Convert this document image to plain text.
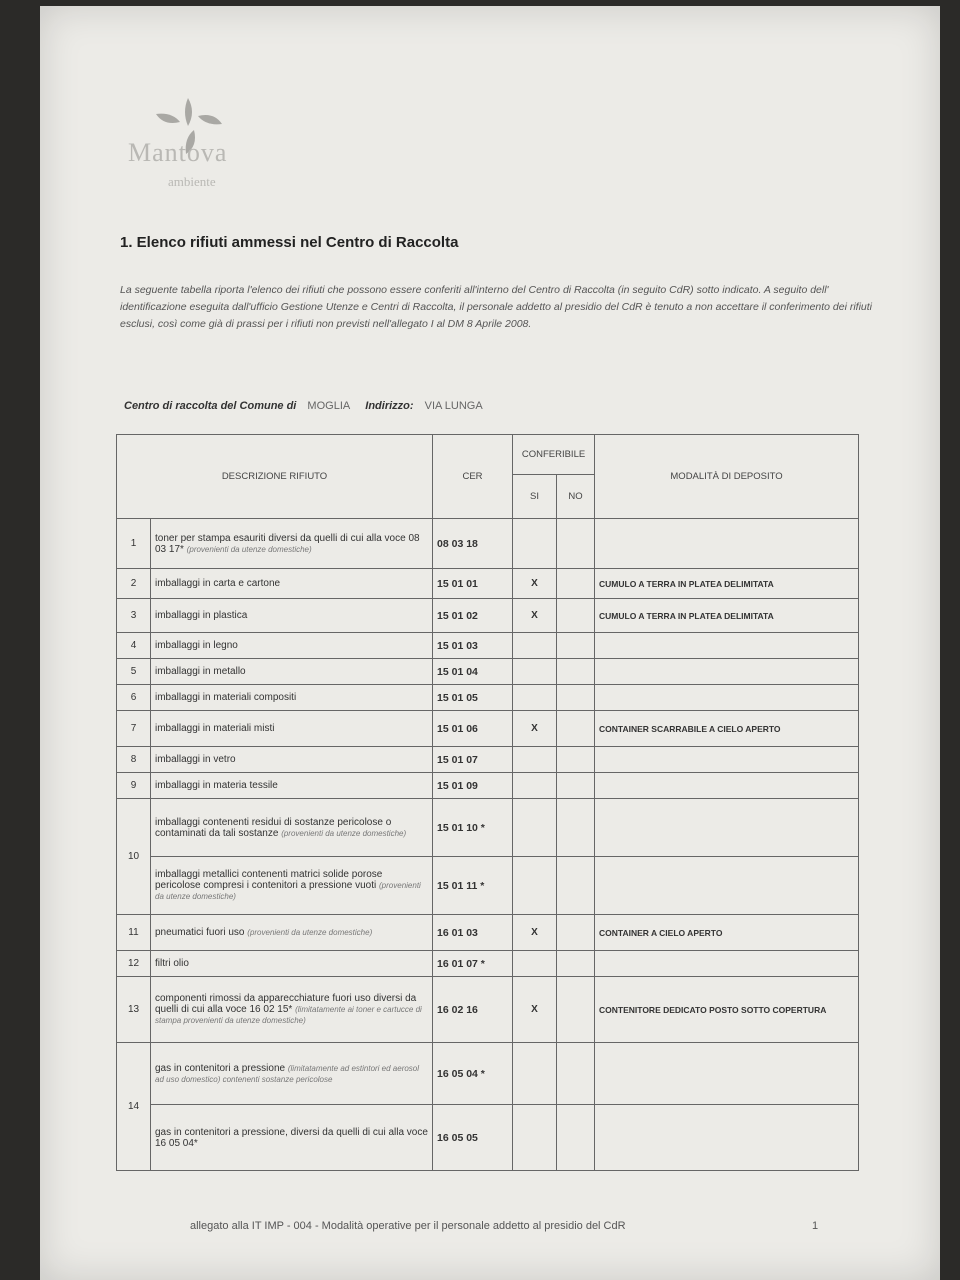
Mantova
ambiente
1. Elenco rifiuti ammessi nel Centro di Raccolta
La seguente tabella riporta l'elenco dei rifiuti che possono essere conferiti all'interno del Centro di Raccolta (in seguito CdR) sotto indicato. A seguito dell' identificazione eseguita dall'ufficio Gestione Utenze e Centri di Raccolta, il personale addetto al presidio del CdR è tenuto a non accettare il conferimento dei rifiuti esclusi, così come già di prassi per i rifiuti non previsti nell'allegato I al DM 8 Aprile 2008.
Centro di raccolta del Comune di MOGLIA Indirizzo: VIA LUNGA
DESCRIZIONE RIFIUTO		CER	CONFERIBILE		MODALITÀ DI DEPOSITO
			SI	NO	
1	toner per stampa esauriti diversi da quelli di cui alla voce 08 03 17* (provenienti da utenze domestiche)	08 03 18			
2	imballaggi in carta e cartone	15 01 01	X		CUMULO A TERRA IN PLATEA DELIMITATA
3	imballaggi in plastica	15 01 02	X		CUMULO A TERRA IN PLATEA DELIMITATA
4	imballaggi in legno	15 01 03			
5	imballaggi in metallo	15 01 04			
6	imballaggi in materiali compositi	15 01 05			
7	imballaggi in materiali misti	15 01 06	X		CONTAINER SCARRABILE A CIELO APERTO
8	imballaggi in vetro	15 01 07			
9	imballaggi in materia tessile	15 01 09			
10	imballaggi contenenti residui di sostanze pericolose o contaminati da tali sostanze (provenienti da utenze domestiche)	15 01 10 *			
	imballaggi metallici contenenti matrici solide porose pericolose compresi i contenitori a pressione vuoti (provenienti da utenze domestiche)	15 01 11 *			
11	pneumatici fuori uso (provenienti da utenze domestiche)	16 01 03	X		CONTAINER A CIELO APERTO
12	filtri olio	16 01 07 *			
13	componenti rimossi da apparecchiature fuori uso diversi da quelli di cui alla voce 16 02 15* (limitatamente ai toner e cartucce di stampa provenienti da utenze domestiche)	16 02 16	X		CONTENITORE DEDICATO POSTO SOTTO COPERTURA
14	gas in contenitori a pressione (limitatamente ad estintori ed aerosol ad uso domestico) contenenti sostanze pericolose	16 05 04 *			
	gas in contenitori a pressione, diversi da quelli di cui alla voce 16 05 04*	16 05 05			
allegato alla IT IMP - 004 - Modalità operative per il personale addetto al presidio del CdR	1
